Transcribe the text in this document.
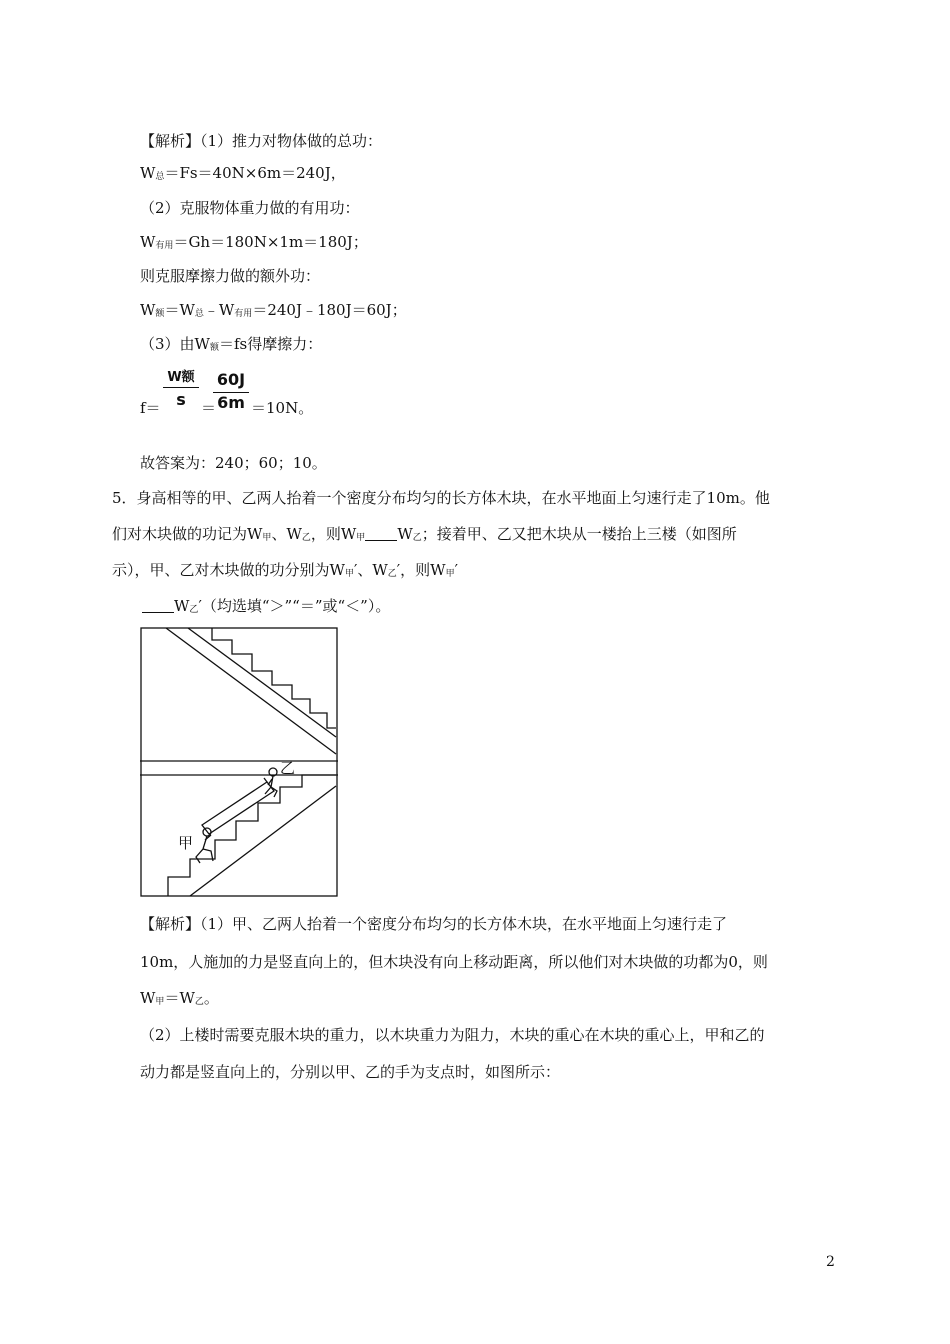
【解析】（1）推力对物体做的总功：
$W_总=Fs=40N\times 6m=240J$，
（2）克服物体重力做的有用功：
$W_{有用}=Gh=180N\times 1m=180J$；
则克服摩擦力做的额外功：
$W_额=W_总﹣W_{有用}=240J﹣180J=60J$；
（3）由$W_额=fs$得摩擦力：
f＝
W额
s	＝
60J
6m ＝10N。
故答案为：240；60；10。
5．身高相等的甲、乙两人抬着一个密度分布均匀的长方体木块，在水平地面上匀速行走了10m。他
们对木块做的功记为$W_甲$、$W_乙$，则$W_甲$ $W_乙$；接着甲、乙又把木块从一楼抬上三楼（如图所
示），甲、乙对木块做的功分别为$W_甲'$、$W_乙'$，则$W_甲'$
$W_乙'$（均选填“＞”“＝”或“＜”）。
甲
乙
【解析】（1）甲、乙两人抬着一个密度分布均匀的长方体木块，在水平地面上匀速行走了
10m，人施加的力是竖直向上的，但木块没有向上移动距离，所以他们对木块做的功都为0，则
$W_甲=W_乙$。
（2）上楼时需要克服木块的重力，以木块重力为阻力，木块的重心在木块的重心上，甲和乙的
动力都是竖直向上的，分别以甲、乙的手为支点时，如图所示：
2
